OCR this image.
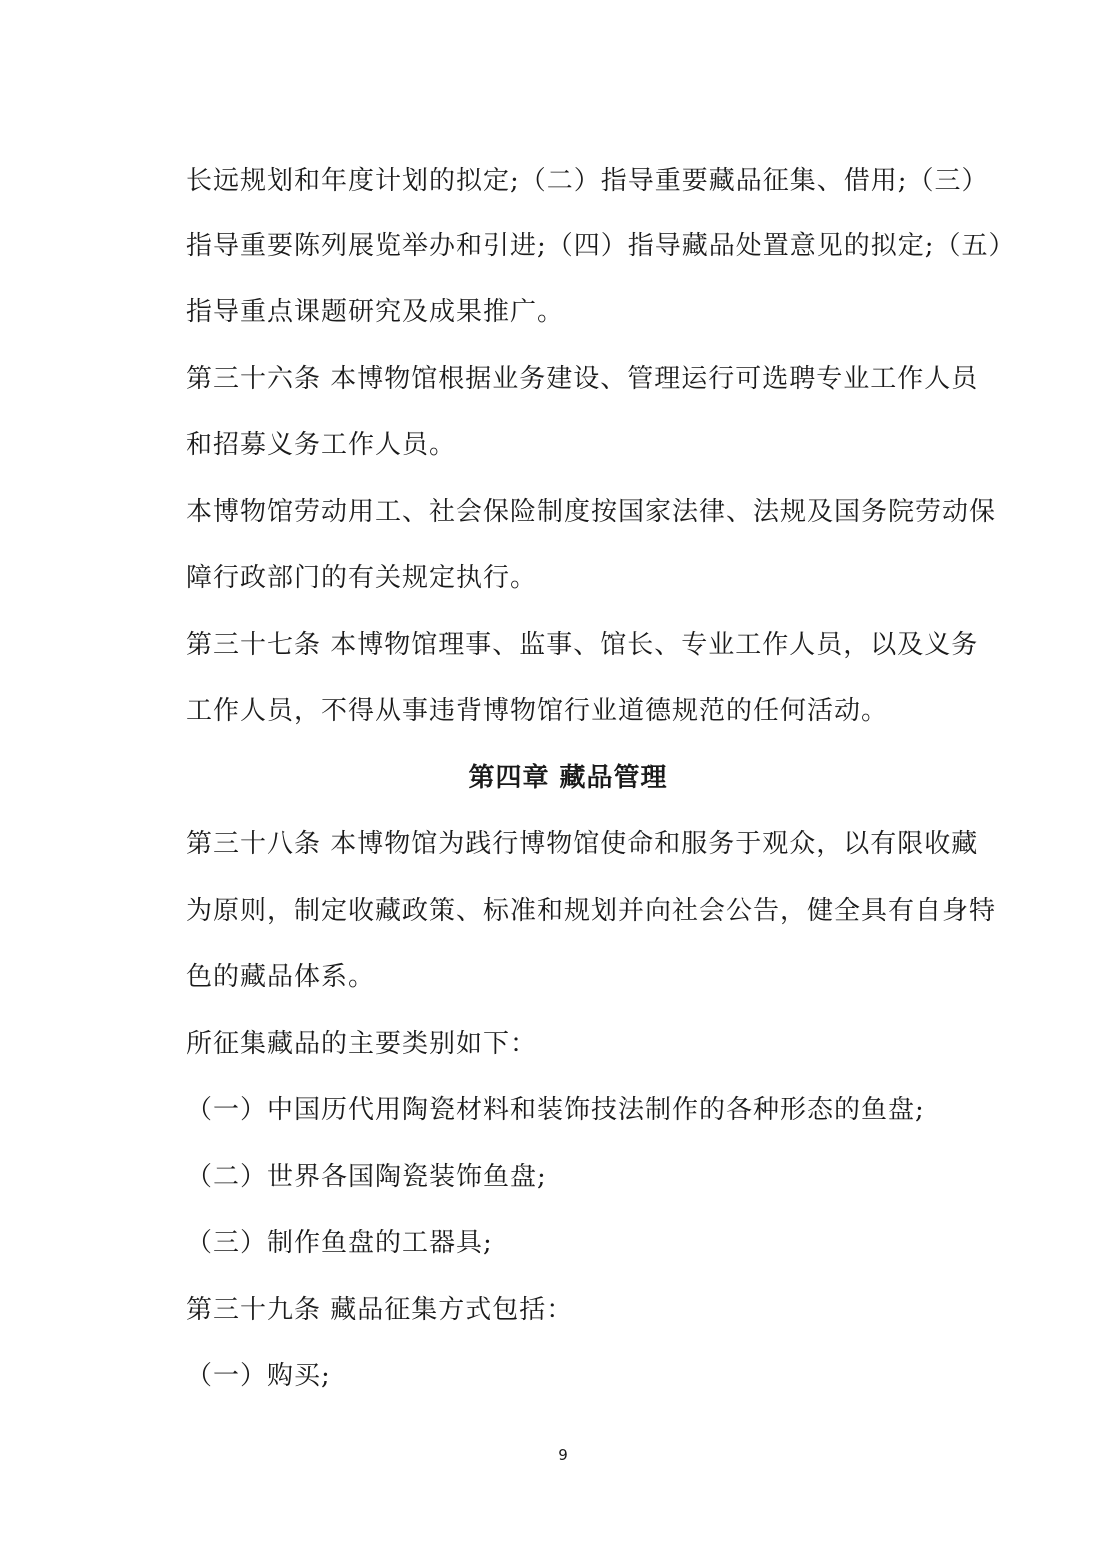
长远规划和年度计划的拟定;（二）指导重要藏品征集、借用;（三）
指导重要陈列展览举办和引进;（四）指导藏品处置意见的拟定;（五）
指导重点课题研究及成果推广。
第三十六条 本博物馆根据业务建设、管理运行可选聘专业工作人员
和招募义务工作人员。
本博物馆劳动用工、社会保险制度按国家法律、法规及国务院劳动保
障行政部门的有关规定执行。
第三十七条 本博物馆理事、监事、馆长、专业工作人员，以及义务
工作人员，不得从事违背博物馆行业道德规范的任何活动。
第四章 藏品管理
第三十八条 本博物馆为践行博物馆使命和服务于观众，以有限收藏
为原则，制定收藏政策、标准和规划并向社会公告，健全具有自身特
色的藏品体系。
所征集藏品的主要类别如下：
（一）中国历代用陶瓷材料和装饰技法制作的各种形态的鱼盘;
（二）世界各国陶瓷装饰鱼盘;
（三）制作鱼盘的工器具;
第三十九条 藏品征集方式包括：
（一）购买;
9
